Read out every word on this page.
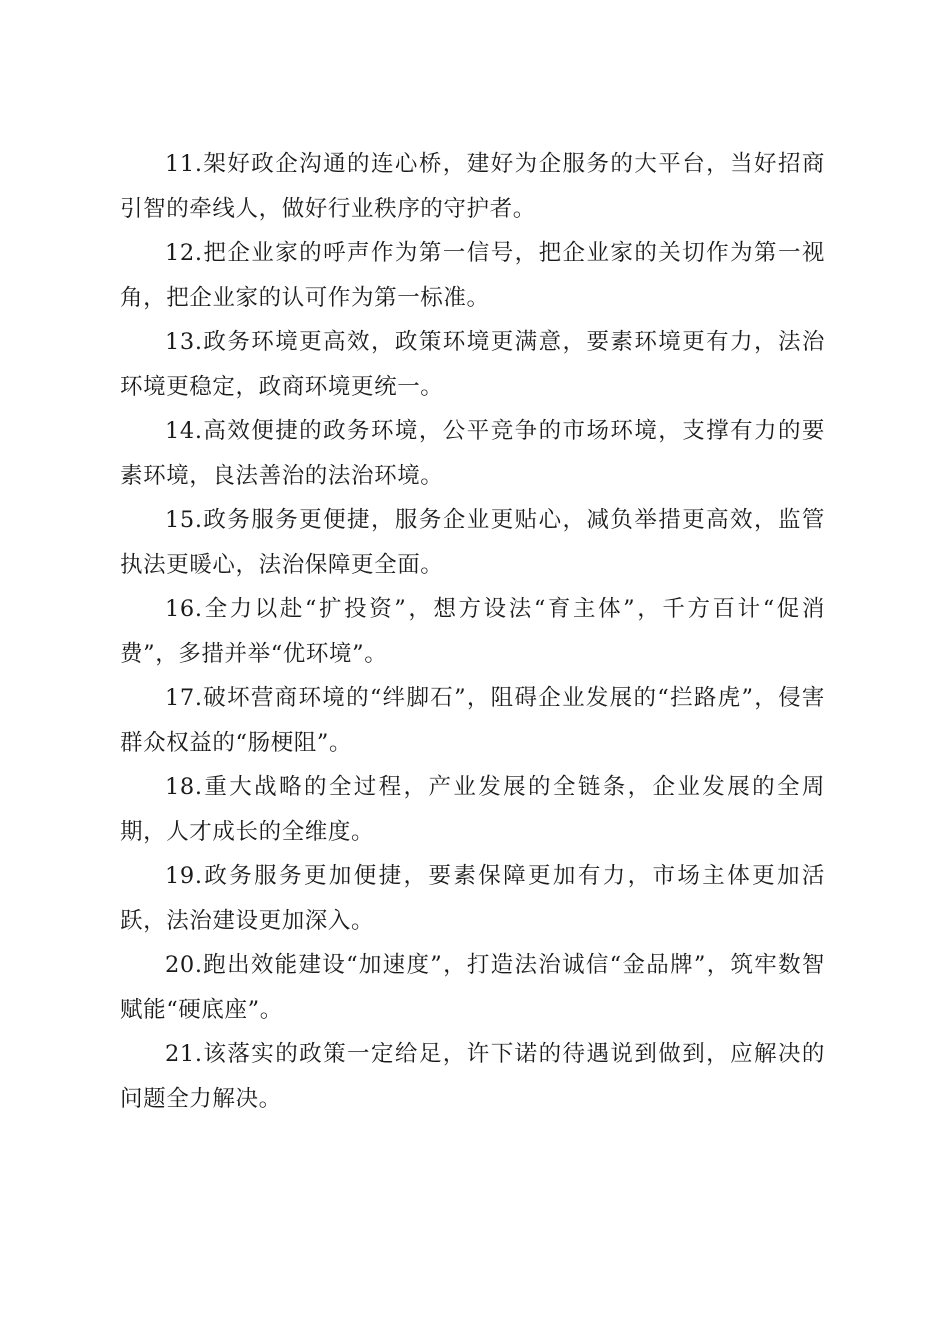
11.架好政企沟通的连心桥，建好为企服务的大平台，当好招商引智的牵线人，做好行业秩序的守护者。

12.把企业家的呼声作为第一信号，把企业家的关切作为第一视角，把企业家的认可作为第一标准。

13.政务环境更高效，政策环境更满意，要素环境更有力，法治环境更稳定，政商环境更统一。

14.高效便捷的政务环境，公平竞争的市场环境，支撑有力的要素环境，良法善治的法治环境。

15.政务服务更便捷，服务企业更贴心，减负举措更高效，监管执法更暖心，法治保障更全面。

16.全力以赴“扩投资”，想方设法“育主体”，千方百计“促消费”，多措并举“优环境”。

17.破坏营商环境的“绊脚石”，阻碍企业发展的“拦路虎”，侵害群众权益的“肠梗阻”。

18.重大战略的全过程，产业发展的全链条，企业发展的全周期，人才成长的全维度。

19.政务服务更加便捷，要素保障更加有力，市场主体更加活跃，法治建设更加深入。

20.跑出效能建设“加速度”，打造法治诚信“金品牌”，筑牢数智赋能“硬底座”。

21.该落实的政策一定给足，许下诺的待遇说到做到，应解决的问题全力解决。
